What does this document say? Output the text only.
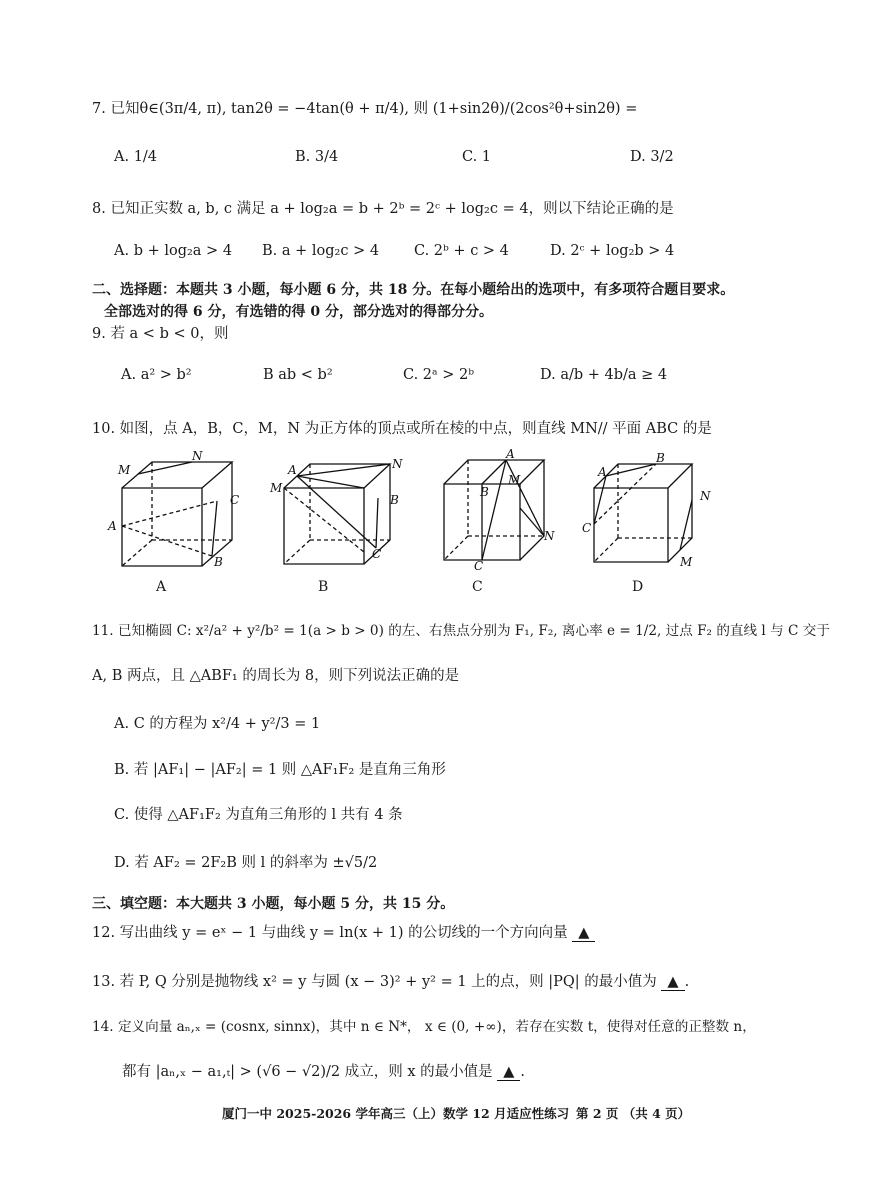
7. 已知θ∈(3π/4, π), tan2θ = −4tan(θ + π/4), 则 (1+sin2θ)/(2cos²θ+sin2θ) =
A. 1/4	B. 3/4	C. 1	D. 3/2
8. 已知正实数 a, b, c 满足 a + log₂a = b + 2ᵇ = 2ᶜ + log₂c = 4，则以下结论正确的是
A. b + log₂a > 4 B. a + log₂c > 4 C. 2ᵇ + c > 4	D. 2ᶜ + log₂b > 4
二、选择题：本题共 3 小题，每小题 6 分，共 18 分。在每小题给出的选项中，有多项符合题目要求。
全部选对的得 6 分，有选错的得 0 分，部分选对的得部分分。
9. 若 a < b < 0，则
A. a² > b²	B ab < b²	C. 2ᵃ > 2ᵇ	D. a/b + 4b/a ≥ 4
10. 如图，点 A，B，C，M，N 为正方体的顶点或所在棱的中点，则直线 MN// 平面 ABC 的是
M
N
A
B
C
A
A
M
N
B
C
B
A
B
M
N
C
C
A
B
C
N
M
D
11. 已知椭圆 C: x²/a² + y²/b² = 1(a > b > 0) 的左、右焦点分别为 F₁, F₂, 离心率 e = 1/2, 过点 F₂ 的直线 l 与 C 交于
A, B 两点，且 △ABF₁ 的周长为 8，则下列说法正确的是
A. C 的方程为 x²/4 + y²/3 = 1
B. 若 |AF₁| − |AF₂| = 1 则 △AF₁F₂ 是直角三角形
C. 使得 △AF₁F₂ 为直角三角形的 l 共有 4 条
D. 若 AF₂ = 2F₂B 则 l 的斜率为 ±√5/2
三、填空题：本大题共 3 小题，每小题 5 分，共 15 分。
12. 写出曲线 y = eˣ − 1 与曲线 y = ln(x + 1) 的公切线的一个方向向量 ▲
13. 若 P, Q 分别是抛物线 x² = y 与圆 (x − 3)² + y² = 1 上的点，则 |PQ| 的最小值为 ▲ .
14. 定义向量 aₙ,ₓ = (cosnx, sinnx)，其中 n ∈ N*， x ∈ (0, +∞)，若存在实数 t，使得对任意的正整数 n，
都有 |aₙ,ₓ − a₁,ₜ| > (√6 − √2)/2 成立，则 x 的最小值是 ▲ .
厦门一中 2025-2026 学年高三（上）数学 12 月适应性练习 第 2 页 （共 4 页）
